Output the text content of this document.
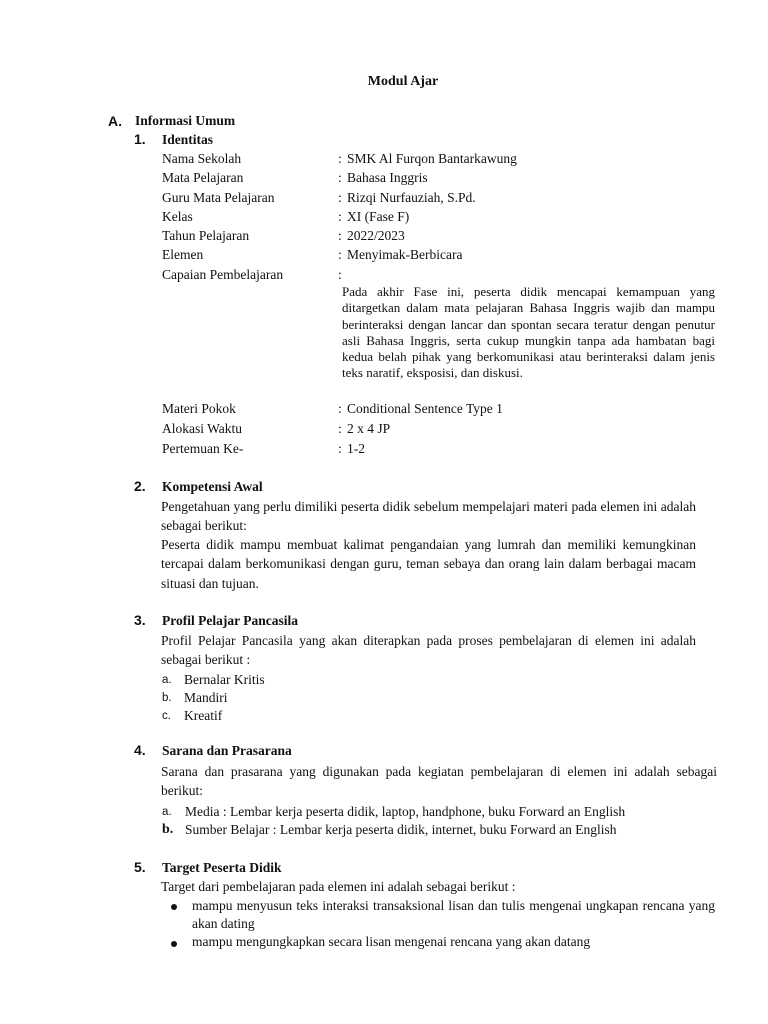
Modul Ajar
A. Informasi Umum
1. Identitas
Nama Sekolah	: SMK Al Furqon Bantarkawung
Mata Pelajaran	: Bahasa Inggris
Guru Mata Pelajaran	: Rizqi Nurfauziah, S.Pd.
Kelas	: XI (Fase F)
Tahun Pelajaran	: 2022/2023
Elemen	: Menyimak-Berbicara
Capaian Pembelajaran	:
Pada akhir Fase ini, peserta didik mencapai kemampuan yang ditargetkan dalam mata pelajaran Bahasa Inggris wajib dan mampu berinteraksi dengan lancar dan spontan secara teratur dengan penutur asli Bahasa Inggris, serta cukup mungkin tanpa ada hambatan bagi kedua belah pihak yang berkomunikasi atau berinteraksi dalam jenis teks naratif, eksposisi, dan diskusi.
Materi Pokok	: Conditional Sentence Type 1
Alokasi Waktu	: 2 x 4 JP
Pertemuan Ke-	: 1-2
2. Kompetensi Awal
Pengetahuan yang perlu dimiliki peserta didik sebelum mempelajari materi pada elemen ini adalah sebagai berikut:
Peserta didik mampu membuat kalimat pengandaian yang lumrah dan memiliki kemungkinan tercapai dalam berkomunikasi dengan guru, teman sebaya dan orang lain dalam berbagai macam situasi dan tujuan.
3. Profil Pelajar Pancasila
Profil Pelajar Pancasila yang akan diterapkan pada proses pembelajaran di elemen ini adalah sebagai berikut :
a. Bernalar Kritis
b. Mandiri
c. Kreatif
4. Sarana dan Prasarana
Sarana dan prasarana yang digunakan pada kegiatan pembelajaran di elemen ini adalah sebagai berikut:
a. Media : Lembar kerja peserta didik, laptop, handphone, buku Forward an English
b. Sumber Belajar : Lembar kerja peserta didik, internet, buku Forward an English
5. Target Peserta Didik
Target dari pembelajaran pada elemen ini adalah sebagai berikut :
mampu menyusun teks interaksi transaksional lisan dan tulis mengenai ungkapan rencana yang akan dating
mampu mengungkapkan secara lisan mengenai rencana yang akan datang
